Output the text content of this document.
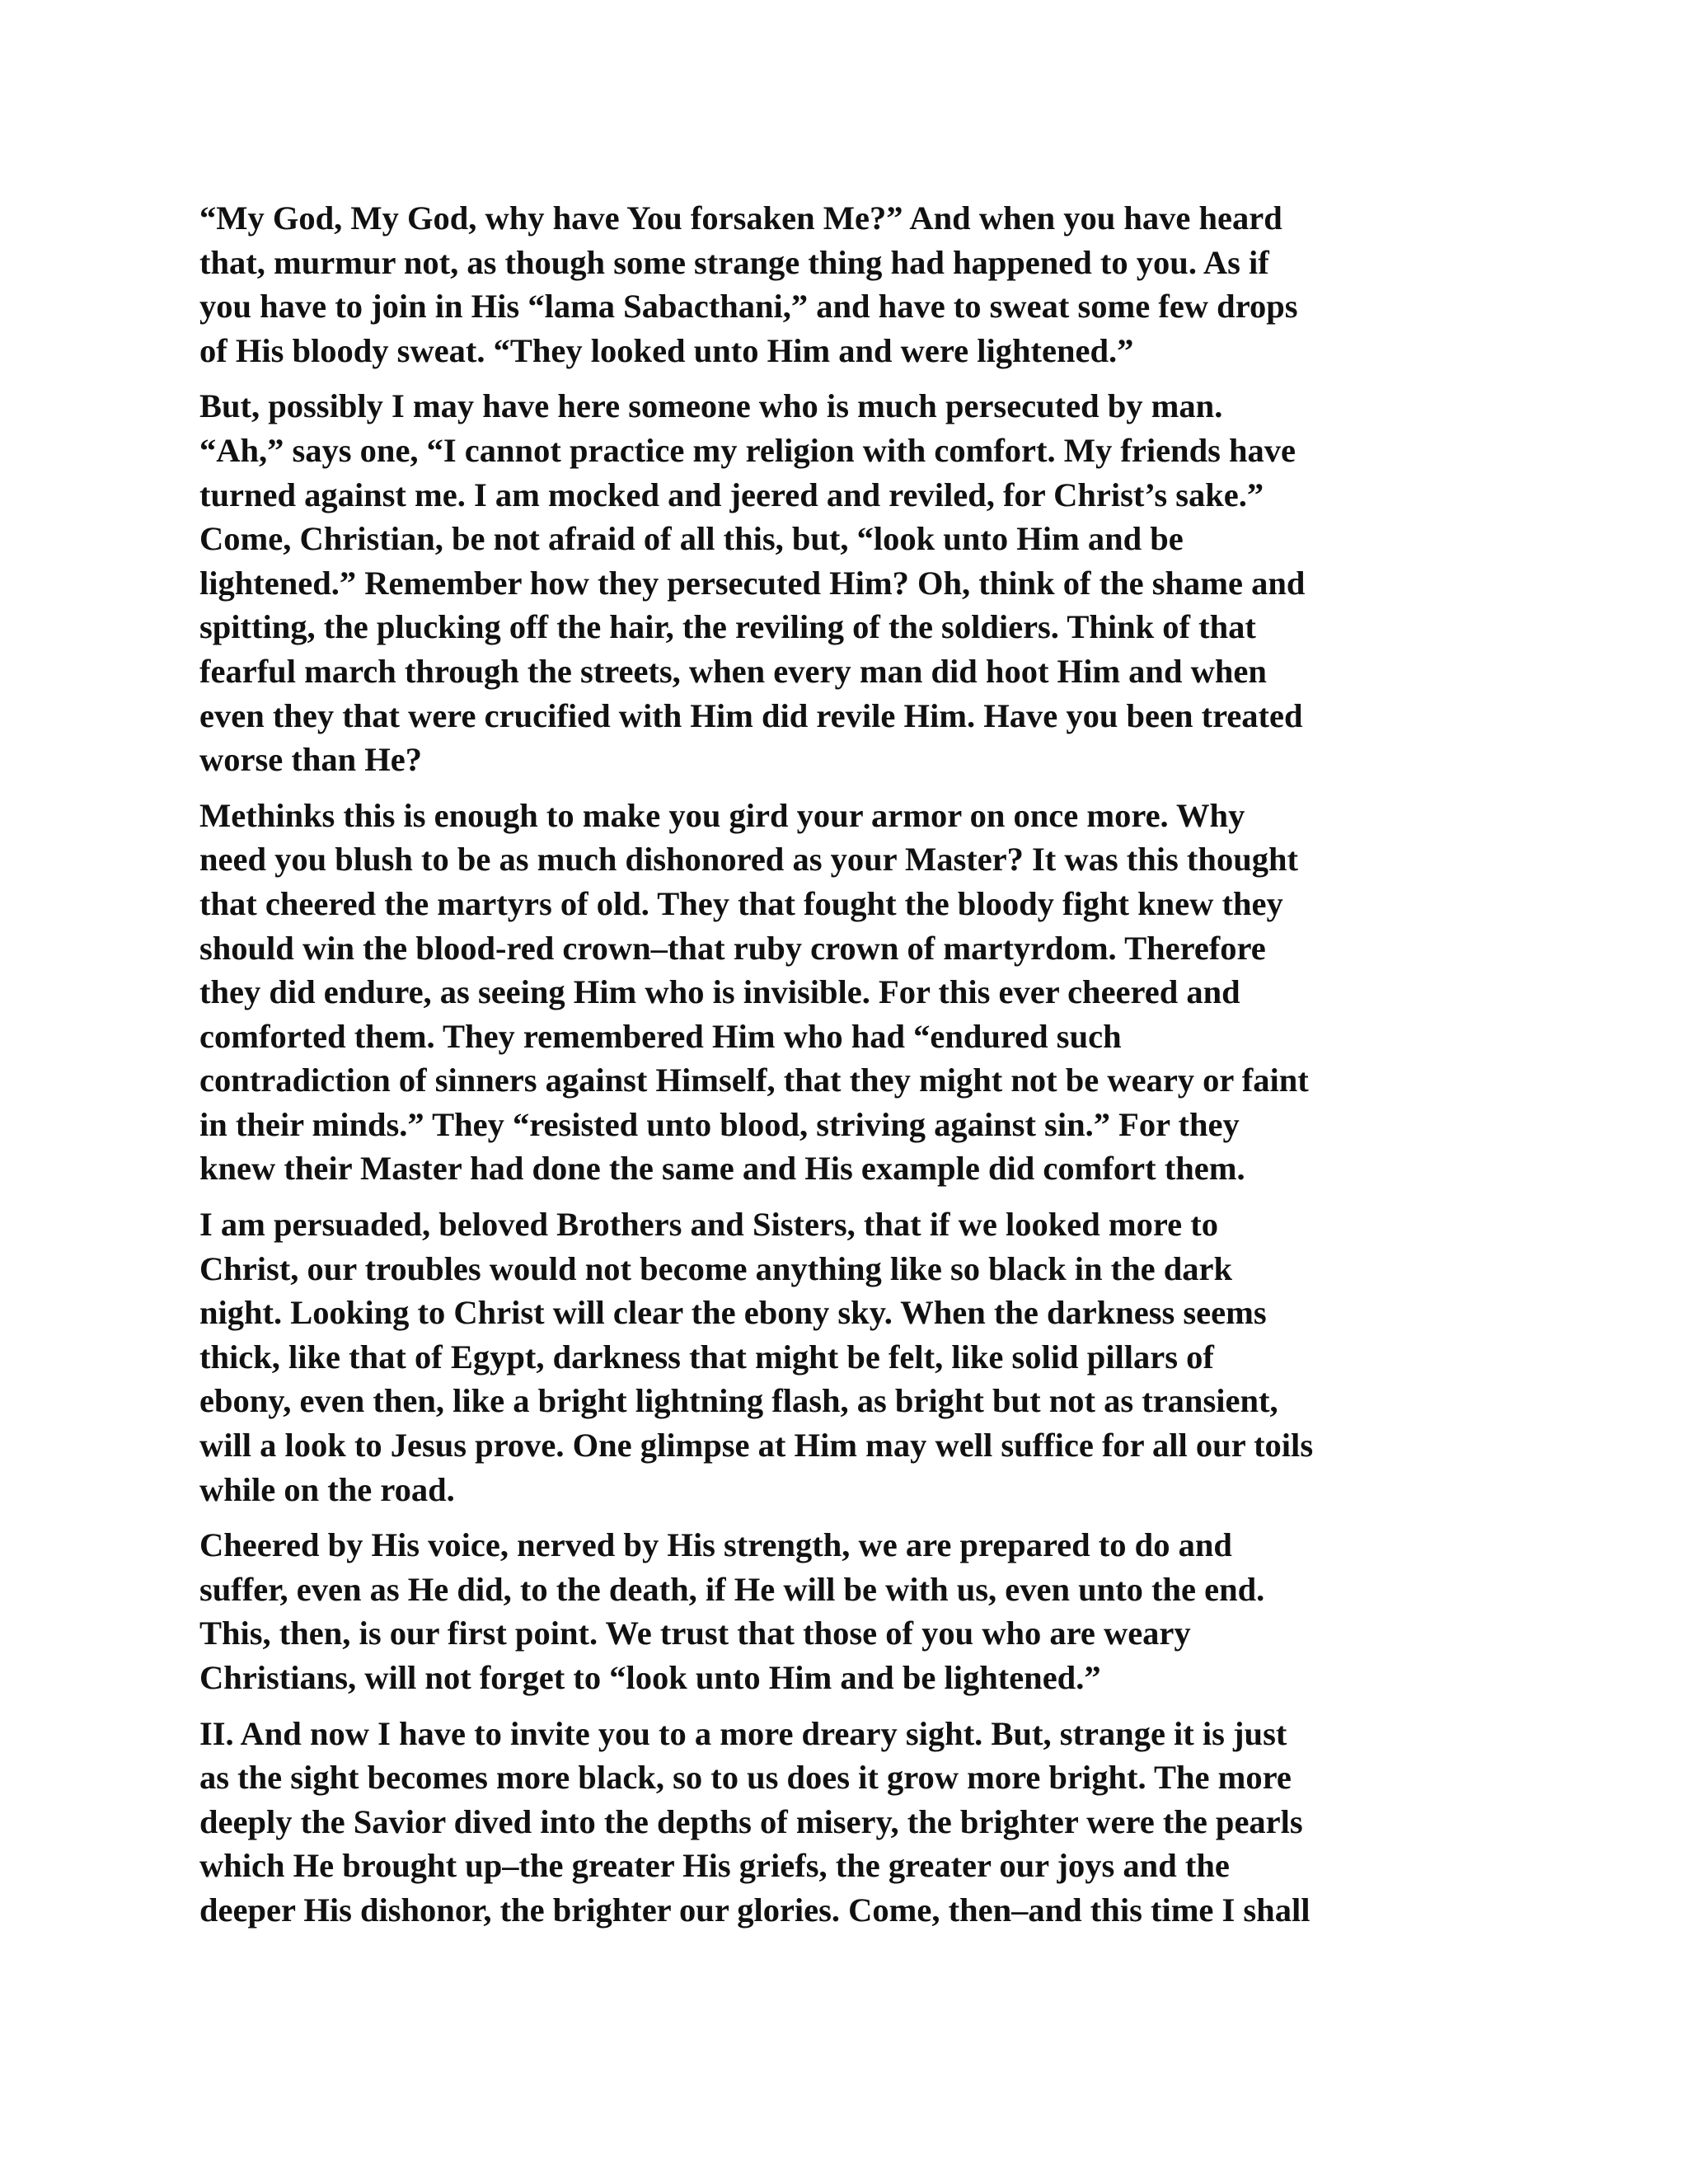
“My God, My God, why have You forsaken Me?” And when you have heard
that, murmur not, as though some strange thing had happened to you. As if
you have to join in His “lama Sabacthani,” and have to sweat some few drops
of His bloody sweat. “They looked unto Him and were lightened.”

But, possibly I may have here someone who is much persecuted by man.
“Ah,” says one, “I cannot practice my religion with comfort. My friends have
turned against me. I am mocked and jeered and reviled, for Christ’s sake.”
Come, Christian, be not afraid of all this, but, “look unto Him and be
lightened.” Remember how they persecuted Him? Oh, think of the shame and
spitting, the plucking off the hair, the reviling of the soldiers. Think of that
fearful march through the streets, when every man did hoot Him and when
even they that were crucified with Him did revile Him. Have you been treated
worse than He?

Methinks this is enough to make you gird your armor on once more. Why
need you blush to be as much dishonored as your Master? It was this thought
that cheered the martyrs of old. They that fought the bloody fight knew they
should win the blood-red crown–that ruby crown of martyrdom. Therefore
they did endure, as seeing Him who is invisible. For this ever cheered and
comforted them. They remembered Him who had “endured such
contradiction of sinners against Himself, that they might not be weary or faint
in their minds.” They “resisted unto blood, striving against sin.” For they
knew their Master had done the same and His example did comfort them.

I am persuaded, beloved Brothers and Sisters, that if we looked more to
Christ, our troubles would not become anything like so black in the dark
night. Looking to Christ will clear the ebony sky. When the darkness seems
thick, like that of Egypt, darkness that might be felt, like solid pillars of
ebony, even then, like a bright lightning flash, as bright but not as transient,
will a look to Jesus prove. One glimpse at Him may well suffice for all our toils
while on the road.

Cheered by His voice, nerved by His strength, we are prepared to do and
suffer, even as He did, to the death, if He will be with us, even unto the end.
This, then, is our first point. We trust that those of you who are weary
Christians, will not forget to “look unto Him and be lightened.”

II. And now I have to invite you to a more dreary sight. But, strange it is just
as the sight becomes more black, so to us does it grow more bright. The more
deeply the Savior dived into the depths of misery, the brighter were the pearls
which He brought up–the greater His griefs, the greater our joys and the
deeper His dishonor, the brighter our glories. Come, then–and this time I shall
